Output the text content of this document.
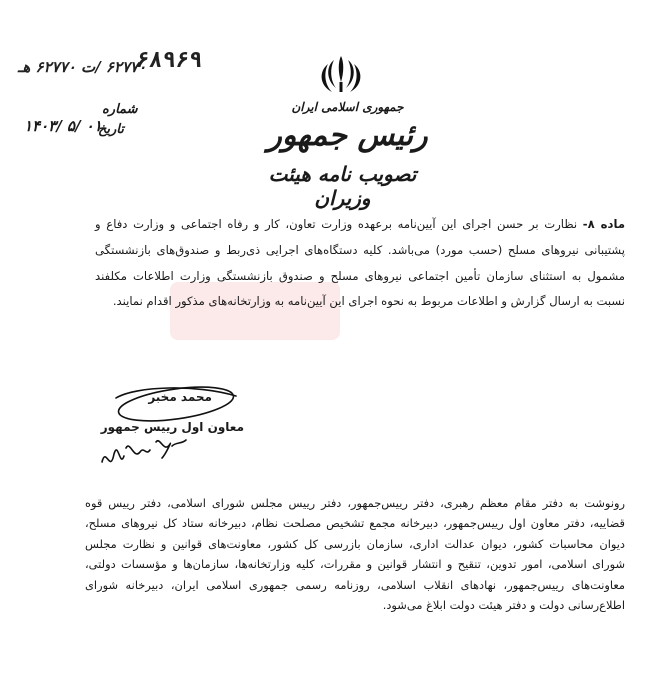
۶۲۷۷۰ /ت ۶۲۷۷۰ هـ
۶۸۹۶۹
شماره
تاریخ
۱۴۰۳/ ۵/ ۰۱

جمهوری اسلامی ایران

رئیس جمهور

تصویب نامه هیئت وزیران

ماده ۸- نظارت بر حسن اجرای این آیین‌نامه برعهده وزارت تعاون، کار و رفاه اجتماعی و وزارت دفاع و پشتیبانی نیروهای مسلح (حسب مورد) می‌باشد. کلیه دستگاه‌های اجرایی ذی‌ربط و صندوق‌های بازنشستگی مشمول به استثنای سازمان تأمین اجتماعی نیروهای مسلح و صندوق بازنشستگی وزارت اطلاعات مکلفند نسبت به ارسال گزارش و اطلاعات مربوط به نحوه اجرای این آیین‌نامه به وزارتخانه‌های مذکور اقدام نمایند.
محمد مخبر
معاون اول رییس جمهور
رونوشت به دفتر مقام معظم رهبری، دفتر رییس‌جمهور، دفتر رییس مجلس شورای اسلامی، دفتر رییس قوه قضاییه، دفتر معاون اول رییس‌جمهور، دبیرخانه مجمع تشخیص مصلحت نظام، دبیرخانه ستاد کل نیروهای مسلح، دیوان محاسبات کشور، دیوان عدالت اداری، سازمان بازرسی کل کشور، معاونت‌های قوانین و نظارت مجلس شورای اسلامی، امور تدوین، تنقیح و انتشار قوانین و مقررات، کلیه وزارتخانه‌ها، سازمان‌ها و مؤسسات دولتی، معاونت‌های رییس‌جمهور، نهادهای انقلاب اسلامی، روزنامه رسمی جمهوری اسلامی ایران، دبیرخانه شورای اطلاع‌رسانی دولت و دفتر هیئت دولت ابلاغ می‌شود.
